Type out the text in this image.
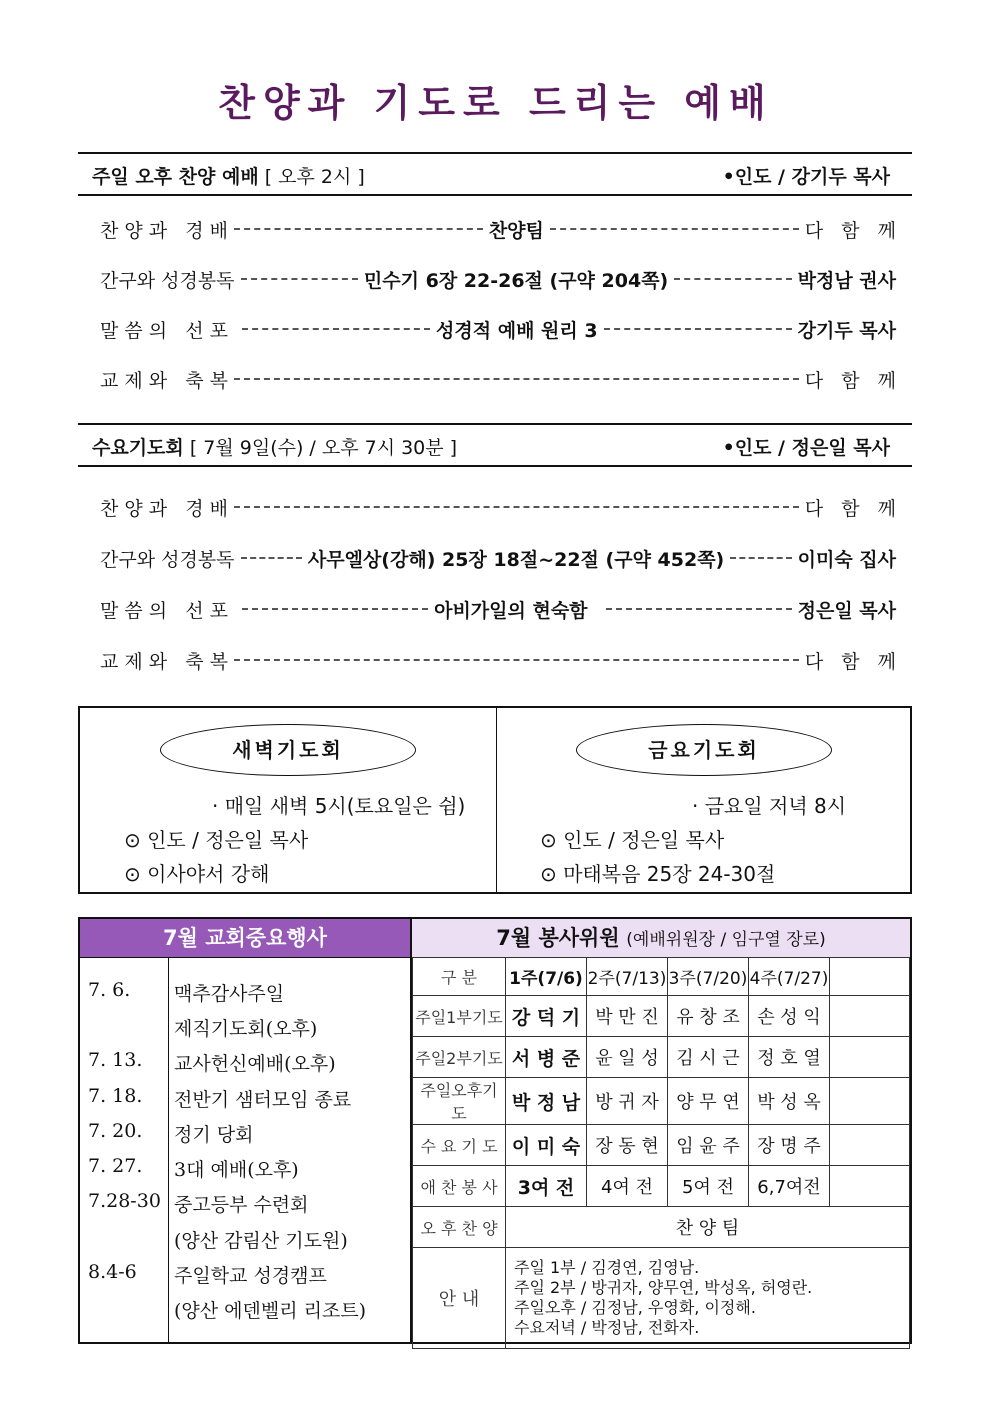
찬양과 기도로 드리는 예배
주일 오후 찬양 예배 [ 오후 2시 ]	•인도 / 강기두 목사
찬 양 과   경 배	찬양팀	다   함   께
간구와 성경봉독	민수기 6장 22-26절 (구약 204쪽)	박정남 권사
말 씀 의   선 포	성경적 예배 원리 3	강기두 목사
교 제 와   축 복	다   함   께
수요기도회 [ 7월 9일(수) / 오후 7시 30분 ]	•인도 / 정은일 목사
찬 양 과   경 배	다   함   께
간구와 성경봉독	사무엘상(강해) 25장 18절~22절 (구약 452쪽)	이미숙 집사
말 씀 의   선 포	아비가일의 현숙함	정은일 목사
교 제 와   축 복	다   함   께
새벽기도회
· 매일 새벽 5시(토요일은 쉼)
⊙ 인도 / 정은일 목사
⊙ 이사야서 강해
금요기도회
· 금요일 저녁 8시
⊙ 인도 / 정은일 목사
⊙ 마태복음 25장 24-30절
7월 교회중요행사
7. 6. 맥추감사주일
제직기도회(오후)
7. 13. 교사헌신예배(오후)
7. 18. 전반기 샘터모임 종료
7. 20. 정기 당회
7. 27. 3대 예배(오후)
7.28-30 중고등부 수련회
(양산 감림산 기도원)
8.4-6 주일학교 성경캠프
(양산 에덴벨리 리조트)
7월 봉사위원 (예배위원장 / 임구열 장로)
구 분	1주(7/6)	2주(7/13)	3주(7/20)	4주(7/27)	
주일1부기도	강 덕 기	박 만 진	유 창 조	손 성 익	
주일2부기도	서 병 준	윤 일 성	김 시 근	정 호 열	
주일오후기도	박 정 남	방 귀 자	양 무 연	박 성 옥	
수 요 기 도	이 미 숙	장 동 현	임 윤 주	장 명 주	
애 찬 봉 사	3여 전	4여 전	5여 전	6,7여전	
오 후 찬 양	찬 양 팀				
안 내	주일 1부 / 김경연, 김영남.
주일 2부 / 방귀자, 양무연, 박성옥, 허영란.
주일오후 / 김정남, 우영화, 이정해.
수요저녁 / 박정남, 전화자.				
